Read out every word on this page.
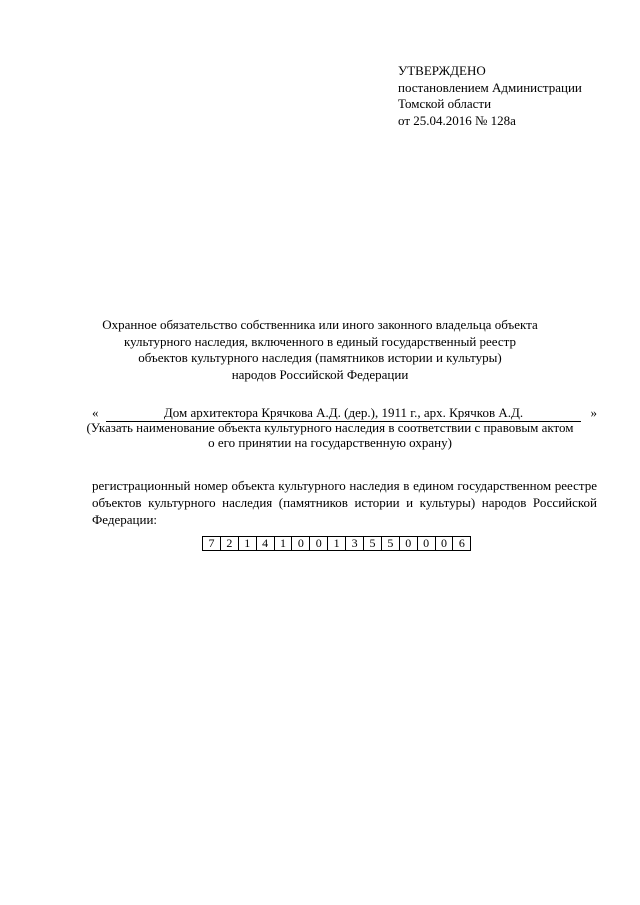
УТВЕРЖДЕНО
постановлением Администрации
Томской области
от 25.04.2016 № 128а
Охранное обязательство собственника или иного законного владельца объекта
культурного наследия, включенного в единый государственный реестр
объектов культурного наследия (памятников истории и культуры)
народов Российской Федерации
«	Дом архитектора Крячкова А.Д. (дер.), 1911 г., арх. Крячков А.Д.	»
(Указать наименование объекта культурного наследия в соответствии с правовым актом
о его принятии на государственную охрану)
регистрационный номер объекта культурного наследия в едином государственном реестре объектов культурного наследия (памятников истории и культуры) народов Российской Федерации:
7 2 1 4 1 0 0 1 3 5 5 0 0 0 6
